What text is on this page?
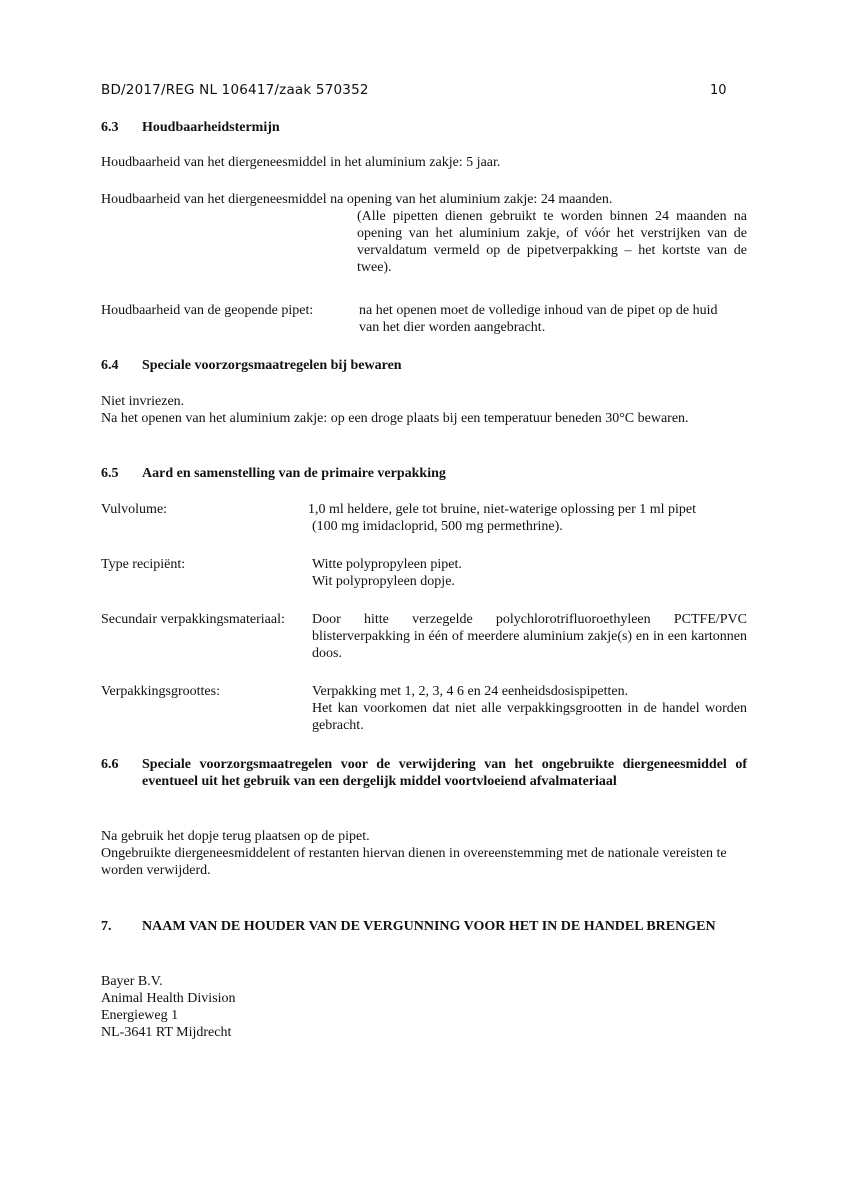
BD/2017/REG NL 106417/zaak 570352	10
6.3 Houdbaarheidstermijn
Houdbaarheid van het diergeneesmiddel in het aluminium zakje: 5 jaar.
Houdbaarheid van het diergeneesmiddel na opening van het aluminium zakje: 24 maanden.
(Alle pipetten dienen gebruikt te worden binnen 24 maanden na opening van het aluminium zakje, of vóór het verstrijken van de vervaldatum vermeld op de pipetverpakking – het kortste van de twee).
Houdbaarheid van de geopende pipet:	na het openen moet de volledige inhoud van de pipet op de huid van het dier worden aangebracht.
6.4 Speciale voorzorgsmaatregelen bij bewaren
Niet invriezen.
Na het openen van het aluminium zakje: op een droge plaats bij een temperatuur beneden 30°C bewaren.
6.5 Aard en samenstelling van de primaire verpakking
Vulvolume:	1,0 ml heldere, gele tot bruine, niet-waterige oplossing per 1 ml pipet
(100 mg imidacloprid, 500 mg permethrine).
Type recipiënt:	Witte polypropyleen pipet.
Wit polypropyleen dopje.
Secundair verpakkingsmateriaal: Door hitte verzegelde polychlorotrifluoroethyleen PCTFE/PVC blisterverpakking in één of meerdere aluminium zakje(s) en in een kartonnen doos.
Verpakkingsgroottes:	Verpakking met 1, 2, 3, 4 6 en 24 eenheidsdosispipetten.
Het kan voorkomen dat niet alle verpakkingsgrootten in de handel worden gebracht.
6.6 Speciale voorzorgsmaatregelen voor de verwijdering van het ongebruikte diergeneesmiddel of eventueel uit het gebruik van een dergelijk middel voortvloeiend afvalmateriaal
Na gebruik het dopje terug plaatsen op de pipet.
Ongebruikte diergeneesmiddelent of restanten hiervan dienen in overeenstemming met de nationale vereisten te worden verwijderd.
7. NAAM VAN DE HOUDER VAN DE VERGUNNING VOOR HET IN DE HANDEL BRENGEN
Bayer B.V.
Animal Health Division
Energieweg 1
NL-3641 RT Mijdrecht
